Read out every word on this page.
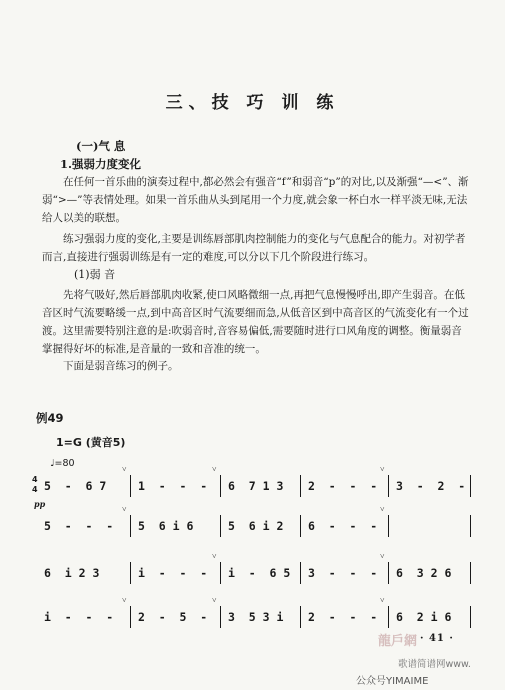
三、技 巧 训 练
(一)气 息
1.强弱力度变化

在任何一首乐曲的演奏过程中,都必然会有强音“f”和弱音“p”的对比,以及渐强“—<”、渐弱“>—”等表情处理。如果一首乐曲从头到尾用一个力度,就会象一杯白水一样平淡无味,无法给人以美的联想。

练习强弱力度的变化,主要是训练唇部肌肉控制能力的变化与气息配合的能力。对初学者而言,直接进行强弱训练是有一定的难度,可以分以下几个阶段进行练习。

(1)弱 音

先将气吸好,然后唇部肌肉收紧,使口风略微细一点,再把气息慢慢呼出,即产生弱音。在低音区时气流要略缓一点,到中高音区时气流要细而急,从低音区到中高音区的气流变化有一个过渡。这里需要特别注意的是:吹弱音时,音容易偏低,需要随时进行口风角度的调整。衡量弱音掌握得好坏的标准,是音量的一致和音准的统一。

下面是弱音练习的例子。

例49
1=G (黄音5)
♩=80
4
4
pp
5  -  6 7
˅
1  -  -  -
˅
6  7 1 3 2  -  -  -
˅
3  -  2  -
5  -  -  -
˅
5  6 i 6	5  6 i 2 6  -  -  -
˅
6  i 2 3	i  -  -  -
˅
i  -  6 5 3  -  -  -
˅
6  3 2 6
i  -  -  -
˅
2  -  5  -
˅
3  5 3 i 2  -  -  -
˅
6  2 i 6
龍戶網 · 41 ·
歌谱简谱网www.
公众号YIMAIME
